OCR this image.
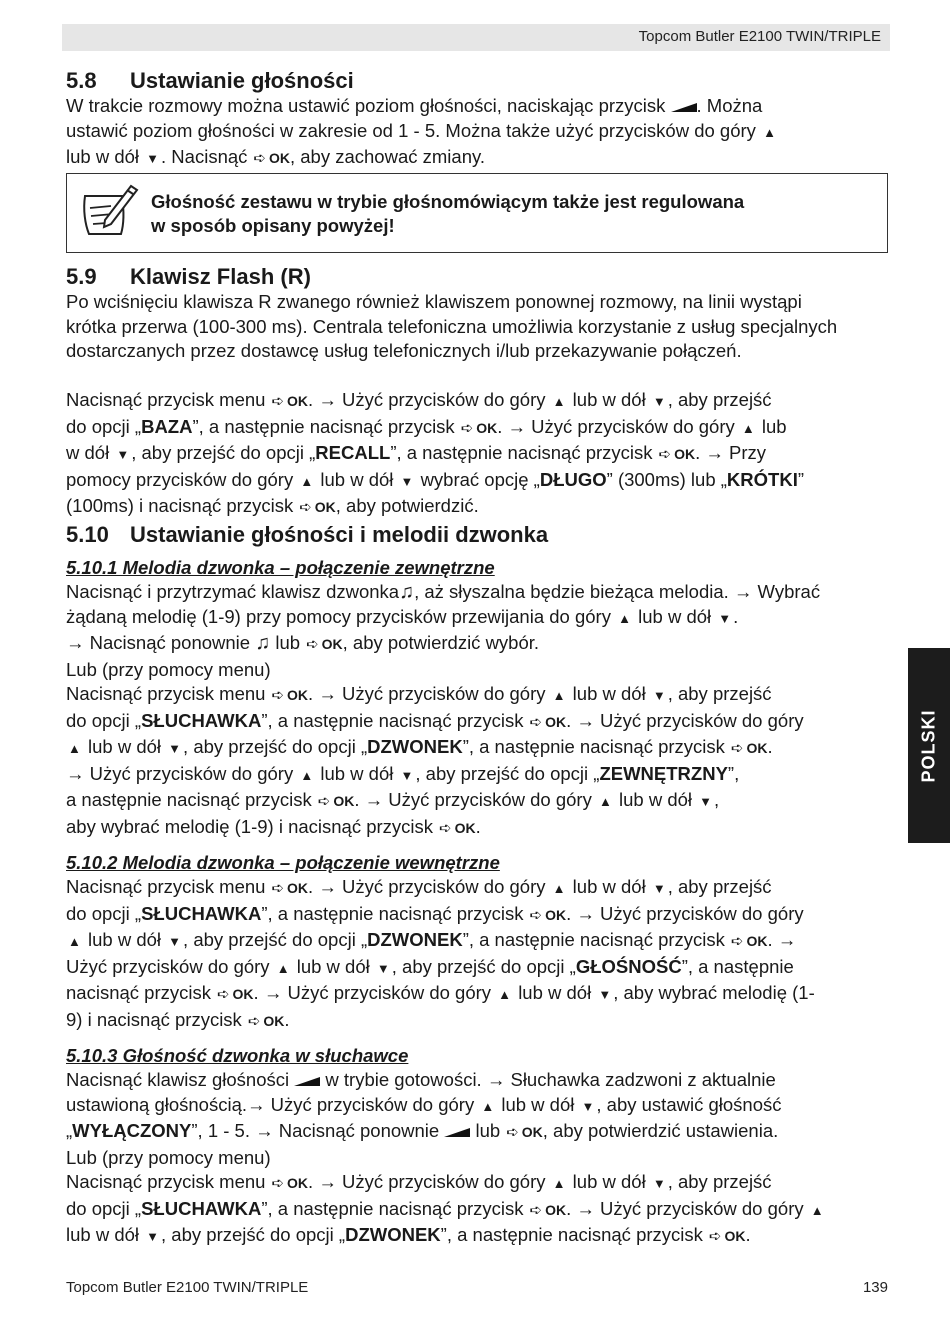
Topcom Butler E2100 TWIN/TRIPLE
POLSKI
5.8 Ustawianie głośności
W trakcie rozmowy można ustawić poziom głośności, naciskając przycisk . Można
ustawić poziom głośności w zakresie od 1 - 5. Można także użyć przycisków do góry ▲
lub w dół ▼ . Nacisnąć ➪ OK, aby zachować zmiany.
Głośność zestawu w trybie głośnomówiącym także jest regulowana
w sposób opisany powyżej!
5.9 Klawisz Flash (R)
Po wciśnięciu klawisza R zwanego również klawiszem ponownej rozmowy, na linii wystąpi
krótka przerwa (100-300 ms). Centrala telefoniczna umożliwia korzystanie z usług specjalnych
dostarczanych przez dostawcę usług telefonicznych i/lub przekazywanie połączeń.

Nacisnąć przycisk menu ➪ OK. → Użyć przycisków do góry ▲ lub w dół ▼ , aby przejść
do opcji „BAZA”, a następnie nacisnąć przycisk ➪ OK. → Użyć przycisków do góry ▲ lub
w dół ▼ , aby przejść do opcji „RECALL”, a następnie nacisnąć przycisk ➪ OK. → Przy
pomocy przycisków do góry ▲ lub w dół ▼ wybrać opcję „DŁUGO” (300ms) lub „KRÓTKI”
(100ms) i nacisnąć przycisk ➪ OK, aby potwierdzić.
5.10 Ustawianie głośności i melodii dzwonka
5.10.1 Melodia dzwonka – połączenie zewnętrzne
Nacisnąć i przytrzymać klawisz dzwonka♫, aż słyszalna będzie bieżąca melodia. → Wybrać
żądaną melodię (1-9) przy pomocy przycisków przewijania do góry ▲ lub w dół ▼ .
→ Nacisnąć ponownie ♫ lub ➪ OK, aby potwierdzić wybór.
Lub (przy pomocy menu)
Nacisnąć przycisk menu ➪ OK. → Użyć przycisków do góry ▲ lub w dół ▼ , aby przejść
do opcji „SŁUCHAWKA”, a następnie nacisnąć przycisk ➪ OK. → Użyć przycisków do góry
▲ lub w dół ▼ , aby przejść do opcji „DZWONEK”, a następnie nacisnąć przycisk ➪ OK.
→ Użyć przycisków do góry ▲ lub w dół ▼ , aby przejść do opcji „ZEWNĘTRZNY”,
a następnie nacisnąć przycisk ➪ OK. → Użyć przycisków do góry ▲ lub w dół ▼ ,
aby wybrać melodię (1-9) i nacisnąć przycisk ➪ OK.
5.10.2 Melodia dzwonka – połączenie wewnętrzne
Nacisnąć przycisk menu ➪ OK. → Użyć przycisków do góry ▲ lub w dół ▼ , aby przejść
do opcji „SŁUCHAWKA”, a następnie nacisnąć przycisk ➪ OK. → Użyć przycisków do góry
▲ lub w dół ▼ , aby przejść do opcji „DZWONEK”, a następnie nacisnąć przycisk ➪ OK. →
Użyć przycisków do góry ▲ lub w dół ▼ , aby przejść do opcji „GŁOŚNOŚĆ”, a następnie
nacisnąć przycisk ➪ OK. → Użyć przycisków do góry ▲ lub w dół ▼ , aby wybrać melodię (1-
9) i nacisnąć przycisk ➪ OK.
5.10.3 Głośność dzwonka w słuchawce
Nacisnąć klawisz głośności w trybie gotowości. → Słuchawka zadzwoni z aktualnie
ustawioną głośnością.→ Użyć przycisków do góry ▲ lub w dół ▼ , aby ustawić głośność
„WYŁĄCZONY”, 1 - 5. → Nacisnąć ponownie lub ➪ OK, aby potwierdzić ustawienia.
Lub (przy pomocy menu)
Nacisnąć przycisk menu ➪ OK. → Użyć przycisków do góry ▲ lub w dół ▼ , aby przejść
do opcji „SŁUCHAWKA”, a następnie nacisnąć przycisk ➪ OK. → Użyć przycisków do góry ▲
lub w dół ▼ , aby przejść do opcji „DZWONEK”, a następnie nacisnąć przycisk ➪ OK.
Topcom Butler E2100 TWIN/TRIPLE	139
